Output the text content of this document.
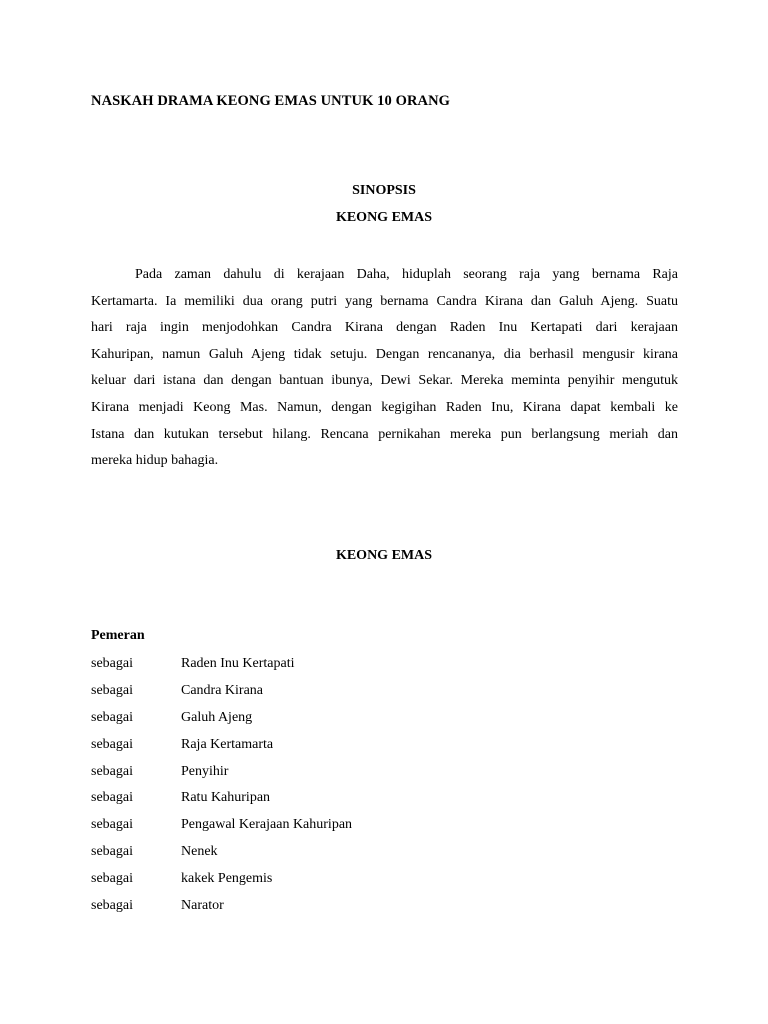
NASKAH DRAMA KEONG EMAS UNTUK 10 ORANG
SINOPSIS
KEONG EMAS

Pada zaman dahulu di kerajaan Daha, hiduplah seorang raja yang bernama Raja
Kertamarta. Ia memiliki dua orang putri yang bernama Candra Kirana dan Galuh Ajeng. Suatu
hari raja ingin menjodohkan Candra Kirana dengan Raden Inu Kertapati dari kerajaan
Kahuripan, namun Galuh Ajeng tidak setuju. Dengan rencananya, dia berhasil mengusir kirana
keluar dari istana dan dengan bantuan ibunya, Dewi Sekar. Mereka meminta penyihir mengutuk
Kirana menjadi Keong Mas. Namun, dengan kegigihan Raden Inu, Kirana dapat kembali ke
Istana dan kutukan tersebut hilang. Rencana pernikahan mereka pun berlangsung meriah dan
mereka hidup bahagia.

KEONG EMAS
Pemeran
sebagai	Raden Inu Kertapati
sebagai	Candra Kirana
sebagai	Galuh Ajeng
sebagai	Raja Kertamarta
sebagai	Penyihir
sebagai	Ratu Kahuripan
sebagai	Pengawal Kerajaan Kahuripan
sebagai	Nenek
sebagai	kakek Pengemis
sebagai	Narator
